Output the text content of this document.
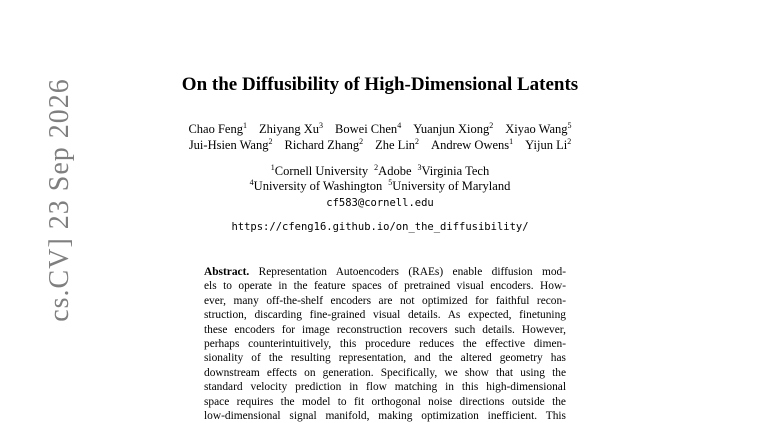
cs.CV] 23 Sep 2026	On the Diffusibility of High-Dimensional Latents
Chao Feng$^1$ Zhiyang Xu$^3$ Bowei Chen$^4$ Yuanjun Xiong$^2$ Xiyao Wang$^5$
Jui-Hsien Wang$^2$ Richard Zhang$^2$ Zhe Lin$^2$ Andrew Owens$^1$ Yijun Li$^2$
$^1$Cornell University $^2$Adobe $^3$Virginia Tech
$^4$University of Washington $^5$University of Maryland
cf583@cornell.edu
https://cfeng16.github.io/on_the_diffusibility/
Abstract. Representation Autoencoders (RAEs) enable diffusion mod-
els to operate in the feature spaces of pretrained visual encoders. How-
ever, many off-the-shelf encoders are not optimized for faithful recon-
struction, discarding fine-grained visual details. As expected, finetuning
these encoders for image reconstruction recovers such details. However,
perhaps counterintuitively, this procedure reduces the effective dimen-
sionality of the resulting representation, and the altered geometry has
downstream effects on generation. Specifically, we show that using the
standard velocity prediction in flow matching in this high-dimensional
space requires the model to fit orthogonal noise directions outside the
low-dimensional signal manifold, making optimization inefficient. This
